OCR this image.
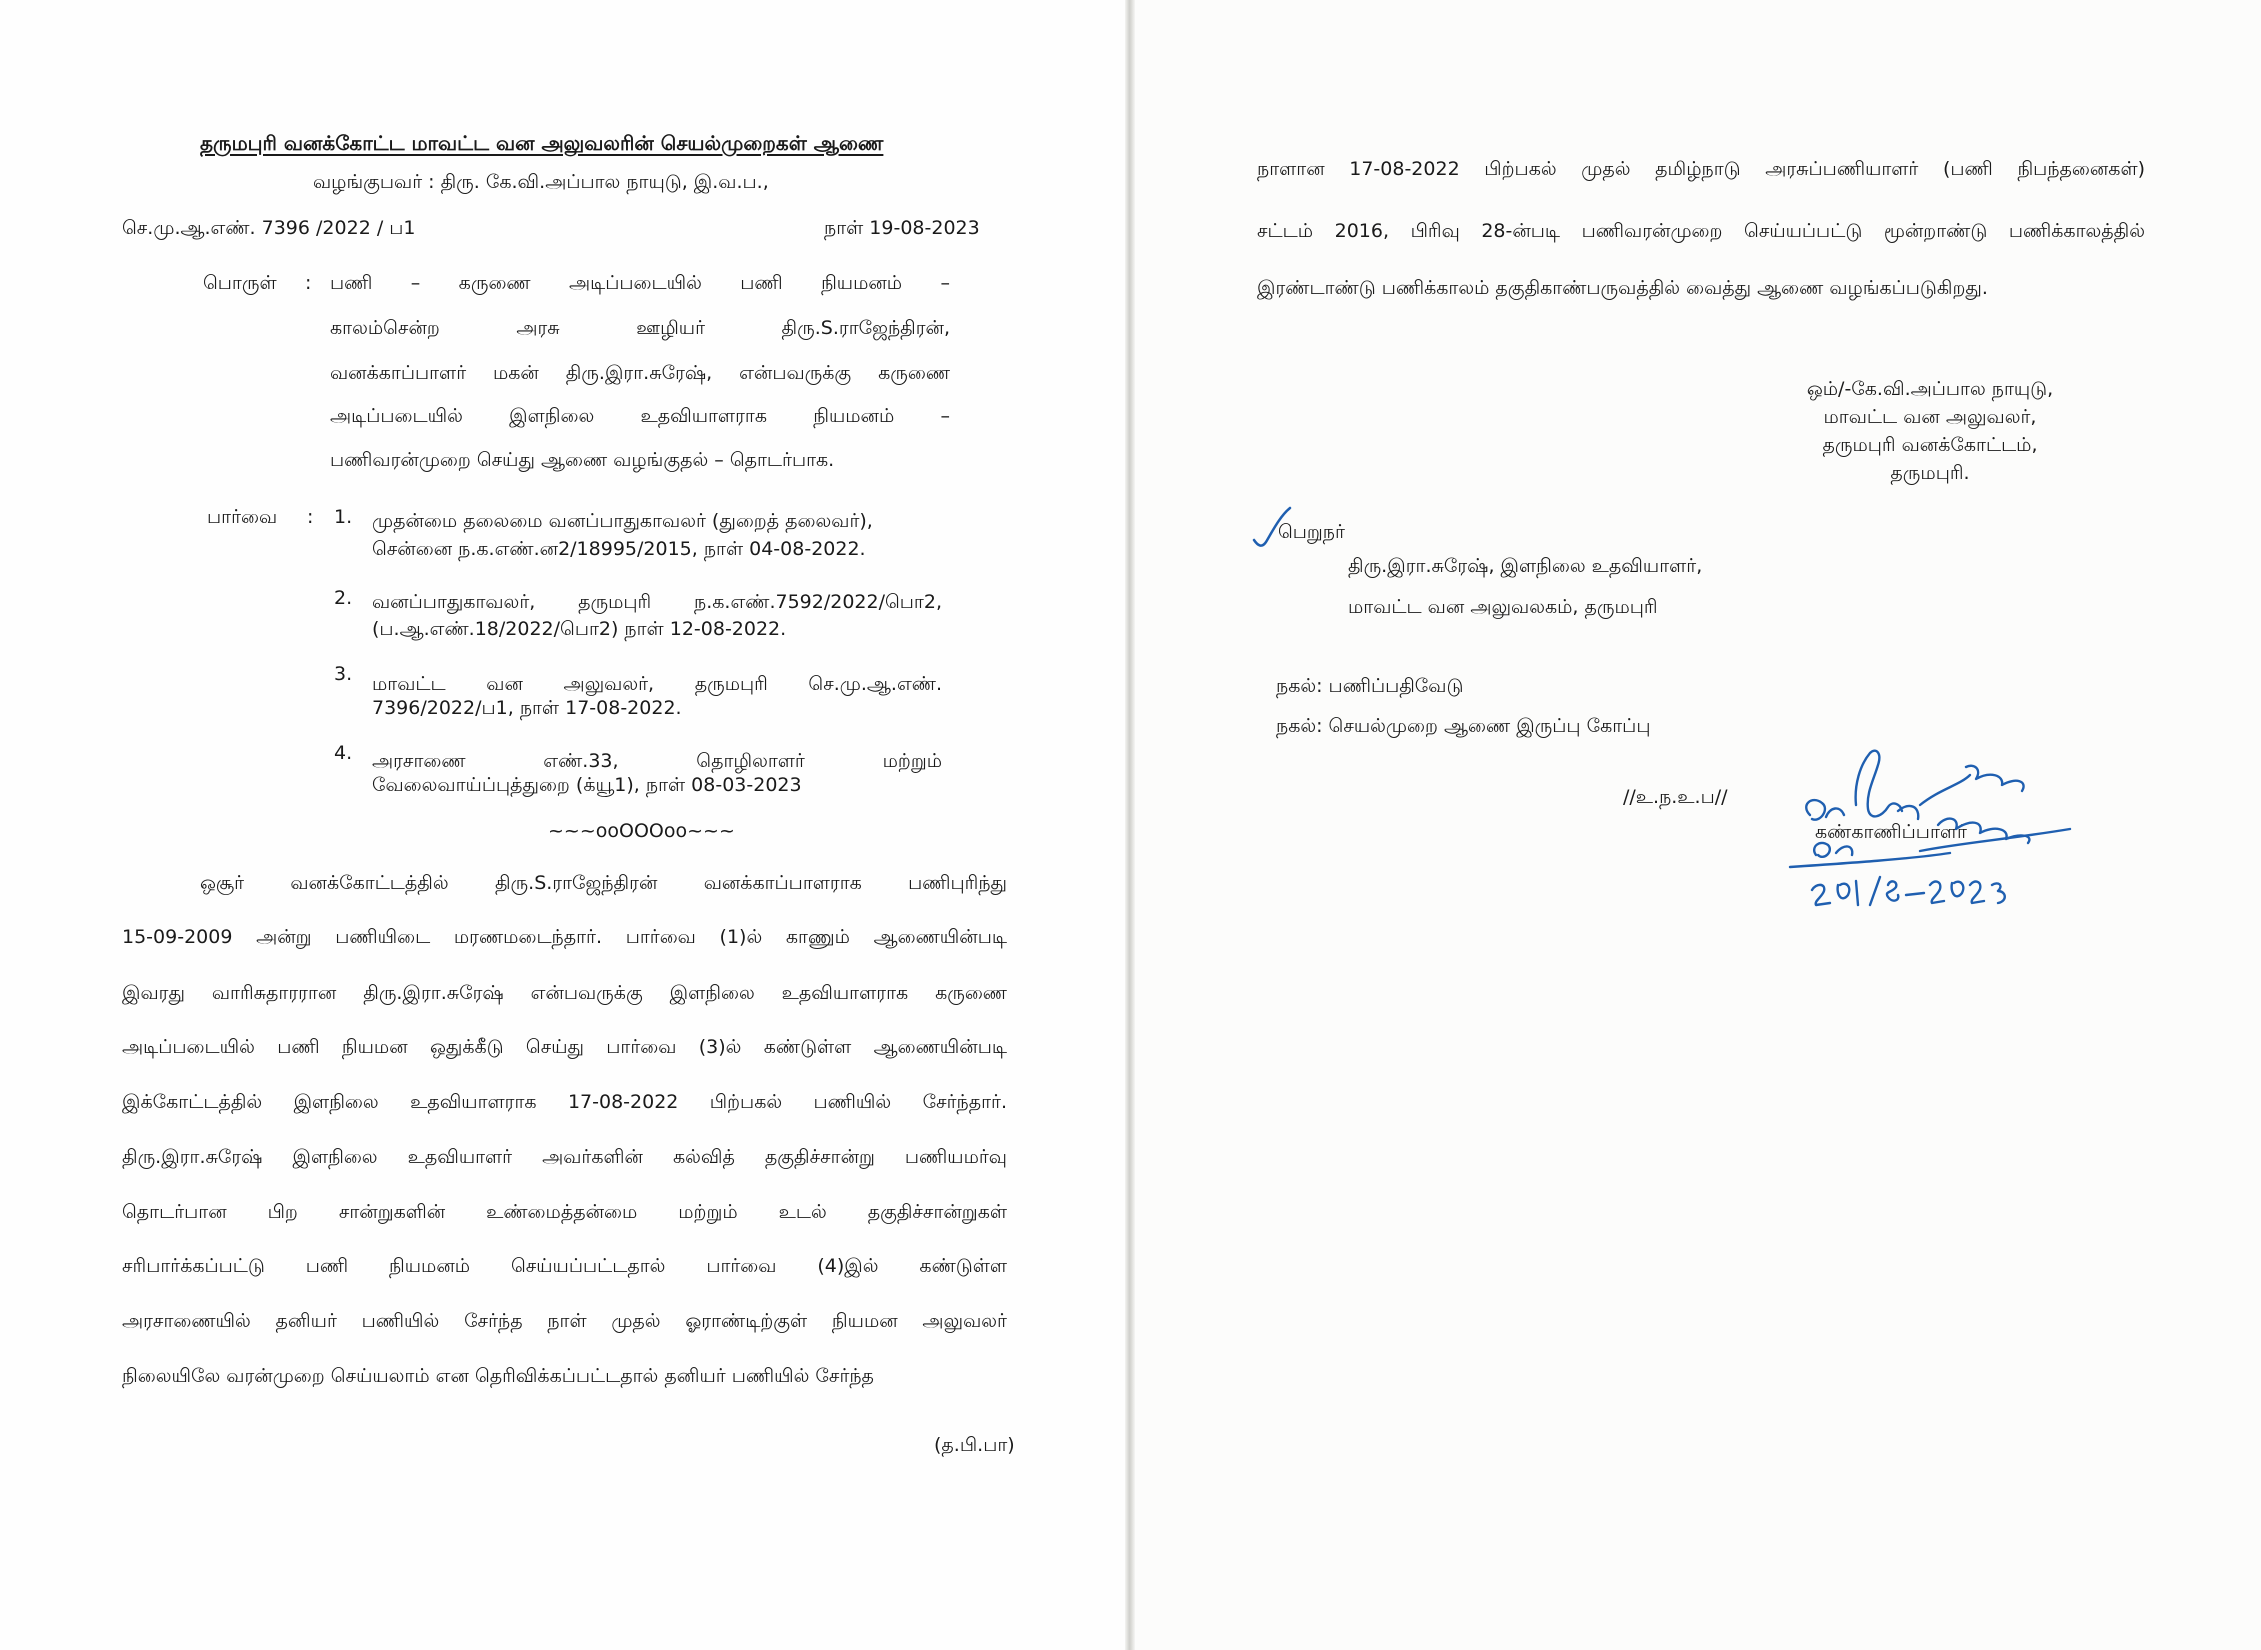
தருமபுரி வனக்கோட்ட மாவட்ட வன அலுவலரின் செயல்முறைகள் ஆணை
வழங்குபவர் : திரு. கே.வி.அப்பால நாயுடு, இ.வ.ப.,
செ.மு.ஆ.எண். 7396 /2022 / ப1	நாள் 19-08-2023
பொருள் : பணி – கருணை அடிப்படையில் பணி நியமனம் –
காலம்சென்ற அரசு ஊழியர் திரு.S.ராஜேந்திரன்,
வனக்காப்பாளர் மகன் திரு.இரா.சுரேஷ், என்பவருக்கு கருணை
அடிப்படையில் இளநிலை உதவியாளராக நியமனம் –
பணிவரன்முறை செய்து ஆணை வழங்குதல் – தொடர்பாக.
பார்வை : 1. முதன்மை தலைமை வனப்பாதுகாவலர் (துறைத் தலைவர்),
சென்னை ந.க.எண்.ன2/18995/2015, நாள் 04-08-2022.
2. வனப்பாதுகாவலர், தருமபுரி ந.க.எண்.7592/2022/பொ2,
(ப.ஆ.எண்.18/2022/பொ2) நாள் 12-08-2022.
3. மாவட்ட வன அலுவலர், தருமபுரி செ.மு.ஆ.எண்.
7396/2022/ப1, நாள் 17-08-2022.
4. அரசாணை எண்.33, தொழிலாளர் மற்றும்
வேலைவாய்ப்புத்துறை (க்யூ1), நாள் 08-03-2023
~~~ooOOOoo~~~
ஒசூர் வனக்கோட்டத்தில் திரு.S.ராஜேந்திரன் வனக்காப்பாளராக பணிபுரிந்து
15-09-2009 அன்று பணியிடை மரணமடைந்தார். பார்வை (1)ல் காணும் ஆணையின்படி
இவரது வாரிசுதாரரான திரு.இரா.சுரேஷ் என்பவருக்கு இளநிலை உதவியாளராக கருணை
அடிப்படையில் பணி நியமன ஒதுக்கீடு செய்து பார்வை (3)ல் கண்டுள்ள ஆணையின்படி
இக்கோட்டத்தில் இளநிலை உதவியாளராக 17-08-2022 பிற்பகல் பணியில் சேர்ந்தார்.
திரு.இரா.சுரேஷ் இளநிலை உதவியாளர் அவர்களின் கல்வித் தகுதிச்சான்று பணியமர்வு
தொடர்பான பிற சான்றுகளின் உண்மைத்தன்மை மற்றும் உடல் தகுதிச்சான்றுகள்
சரிபார்க்கப்பட்டு பணி நியமனம் செய்யப்பட்டதால் பார்வை (4)இல் கண்டுள்ள
அரசாணையில் தனியர் பணியில் சேர்ந்த நாள் முதல் ஓராண்டிற்குள் நியமன அலுவலர்
நிலையிலே வரன்முறை செய்யலாம் என தெரிவிக்கப்பட்டதால் தனியர் பணியில் சேர்ந்த
(த.பி.பா)
நாளான 17-08-2022 பிற்பகல் முதல் தமிழ்நாடு அரசுப்பணியாளர் (பணி நிபந்தனைகள்)
சட்டம் 2016, பிரிவு 28-ன்படி பணிவரன்முறை செய்யப்பட்டு மூன்றாண்டு பணிக்காலத்தில்
இரண்டாண்டு பணிக்காலம் தகுதிகாண்பருவத்தில் வைத்து ஆணை வழங்கப்படுகிறது.
ஒம்/-கே.வி.அப்பால நாயுடு,
மாவட்ட வன அலுவலர்,
தருமபுரி வனக்கோட்டம்,
தருமபுரி.
பெறுநர்
திரு.இரா.சுரேஷ், இளநிலை உதவியாளர்,
மாவட்ட வன அலுவலகம், தருமபுரி
நகல்: பணிப்பதிவேடு
நகல்: செயல்முறை ஆணை இருப்பு கோப்பு
//உ.ந.உ.ப//
கண்காணிப்பாளர்
